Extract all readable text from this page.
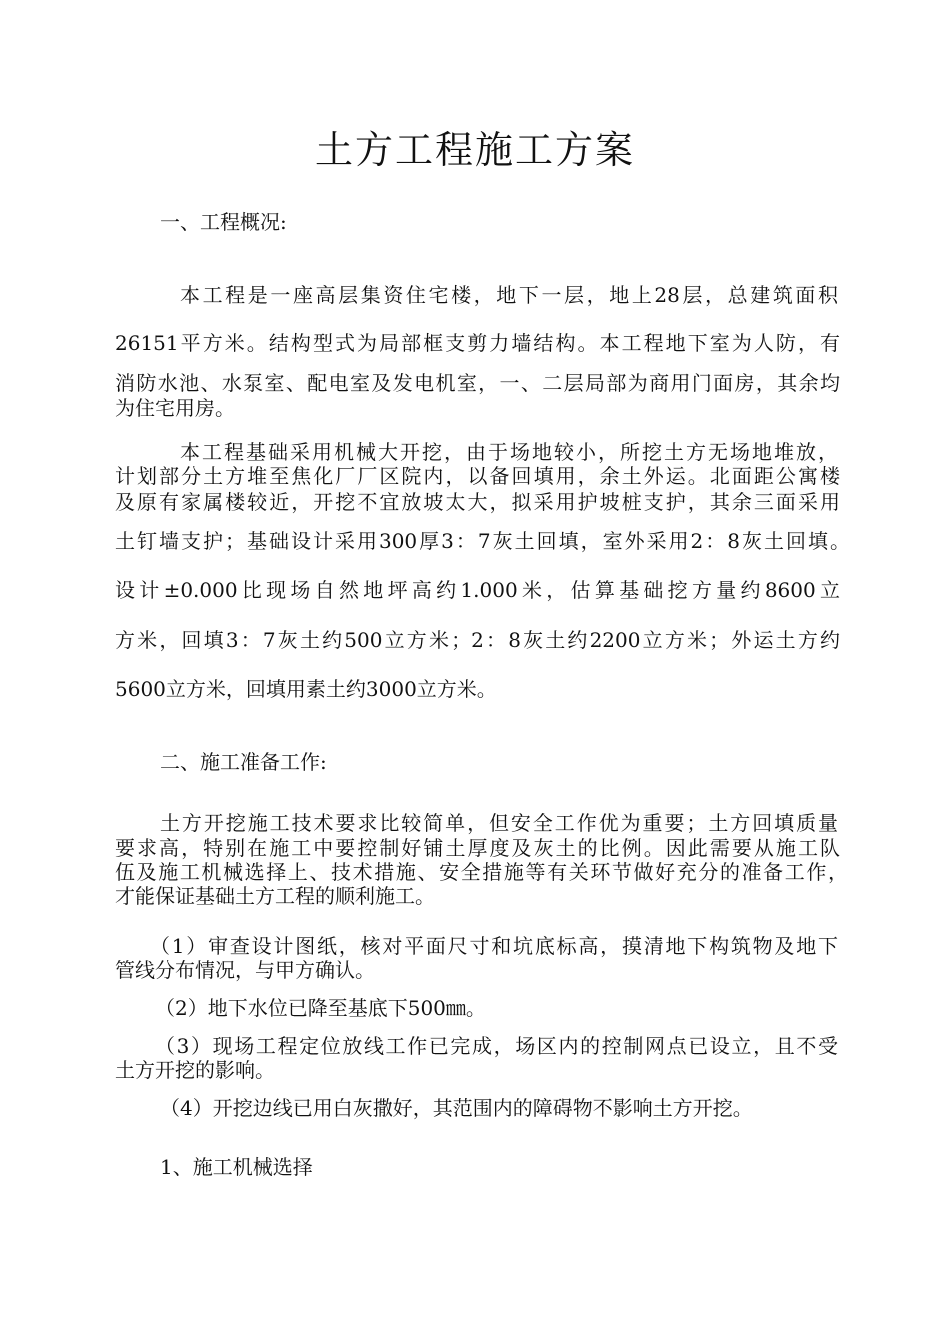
土方工程施工方案

一、工程概况:

本工程是一座高层集资住宅楼，地下一层，地上28层，总建筑面积

26151平方米。结构型式为局部框支剪力墙结构。本工程地下室为人防，有

消防水池、水泵室、配电室及发电机室，一、二层局部为商用门面房，其余均

为住宅用房。

本工程基础采用机械大开挖，由于场地较小，所挖土方无场地堆放，

计划部分土方堆至焦化厂厂区院内，以备回填用，余土外运。北面距公寓楼

及原有家属楼较近，开挖不宜放坡太大，拟采用护坡桩支护，其余三面采用

土钉墙支护；基础设计采用300厚3：7灰土回填，室外采用2：8灰土回填。

设计±0.000比现场自然地坪高约1.000米，估算基础挖方量约8600立

方米，回填3：7灰土约500立方米；2：8灰土约2200立方米；外运土方约

5600立方米，回填用素土约3000立方米。

二、施工准备工作:

土方开挖施工技术要求比较简单，但安全工作优为重要；土方回填质量

要求高，特别在施工中要控制好铺土厚度及灰土的比例。因此需要从施工队

伍及施工机械选择上、技术措施、安全措施等有关环节做好充分的准备工作，

才能保证基础土方工程的顺利施工。

（1）审查设计图纸，核对平面尺寸和坑底标高，摸清地下构筑物及地下

管线分布情况，与甲方确认。

（2）地下水位已降至基底下500㎜。

（3）现场工程定位放线工作已完成，场区内的控制网点已设立，且不受

土方开挖的影响。

（4）开挖边线已用白灰撒好，其范围内的障碍物不影响土方开挖。

1、施工机械选择
